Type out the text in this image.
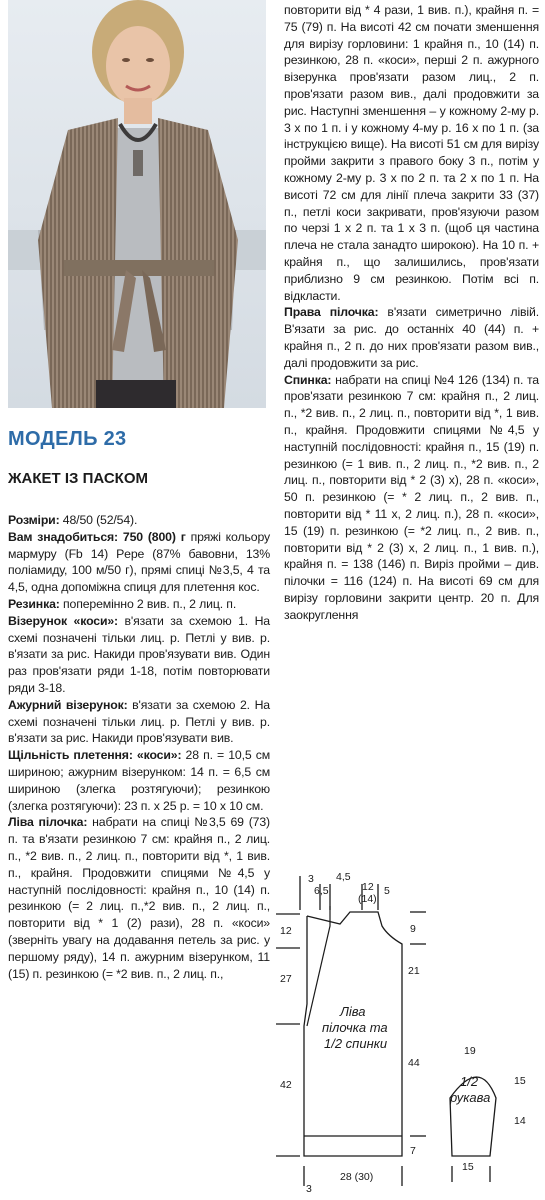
МОДЕЛЬ 23
ЖАКЕТ ІЗ ПАСКОМ

Розміри: 48/50 (52/54).

Вам знадобиться: 750 (800) г пряжі кольору мармуру (Fb 14) Pepe (87% бавовни, 13% поліамиду, 100 м/50 г), прямі спиці №3,5, 4 та 4,5, одна допоміжна спиця для плетення кос.

Резинка: поперемінно 2 вив. п., 2 лиц. п.

Візерунок «коси»: в'язати за схемою 1. На схемі позначені тільки лиц. р. Петлі у вив. р. в'язати за рис. Накиди пров'язувати вив. Один раз пров'язати ряди 1-18, потім повторювати ряди 3-18.

Ажурний візерунок: в'язати за схемою 2. На схемі позначені тільки лиц. р. Петлі у вив. р. в'язати за рис. Накиди пров'язувати вив.

Щільність плетення: «коси»: 28 п. = 10,5 см шириною; ажурним візерунком: 14 п. = 6,5 см шириною (злегка розтягуючи); резинкою (злегка розтягуючи): 23 п. х 25 р. = 10 х 10 см.

Ліва пілочка: набрати на спиці №3,5 69 (73) п. та в'язати резинкою 7 см: крайня п., 2 лиц. п., *2 вив. п., 2 лиц. п., повторити від *, 1 вив. п., крайня. Продовжити спицями №4,5 у наступній послідовності: крайня п., 10 (14) п. резинкою (= 2 лиц. п.,*2 вив. п., 2 лиц. п., повторити від * 1 (2) рази), 28 п. «коси» (зверніть увагу на додавання петель за рис. у першому ряду), 14 п. ажурним візерунком, 11 (15) п. резинкою (= *2 вив. п., 2 лиц. п.,

повторити від * 4 рази, 1 вив. п.), крайня п. = 75 (79) п. На висоті 42 см почати зменшення для вирізу горловини: 1 крайня п., 10 (14) п. резинкою, 28 п. «коси», перші 2 п. ажурного візерунка пров'язати разом лиц., 2 п. пров'язати разом вив., далі продовжити за рис. Наступні зменшення – у кожному 2-му р. 3 х по 1 п. і у кожному 4-му р. 16 х по 1 п. (за інструкцією вище). На висоті 51 см для вирізу пройми закрити з правого боку 3 п., потім у кожному 2-му р. 3 х по 2 п. та 2 х по 1 п. На висоті 72 см для лінії плеча закрити 33 (37) п., петлі коси закривати, пров'язуючи разом по черзі 1 х 2 п. та 1 х 3 п. (щоб ця частина плеча не стала занадто широкою). На 10 п. + крайня п., що залишились, пров'язати приблизно 9 см резинкою. Потім всі п. відкласти.

Права пілочка: в'язати симетрично лівій. В'язати за рис. до останніх 40 (44) п. + крайня п., 2 п. до них пров'язати разом вив., далі продовжити за рис.

Спинка: набрати на спиці №4 126 (134) п. та пров'язати резинкою 7 см: крайня п., 2 лиц. п., *2 вив. п., 2 лиц. п., повторити від *, 1 вив. п., крайня. Продовжити спицями №4,5 у наступній послідовності: крайня п., 15 (19) п. резинкою (= 1 вив. п., 2 лиц. п., *2 вив. п., 2 лиц. п., повторити від * 2 (3) х), 28 п. «коси», 50 п. резинкою (= * 2 лиц. п., 2 вив. п., повторити від * 11 х, 2 лиц. п.), 28 п. «коси», 15 (19) п. резинкою (= *2 лиц. п., 2 вив. п., повторити від * 2 (3) х, 2 лиц. п., 1 вив. п.), крайня п. = 138 (146) п. Виріз пройми – див. пілочки = 116 (124) п. На висоті 69 см для вирізу горловини закрити центр. 20 п. Для заокруглення

3
6,5
4,5
12
(14)
5
12
27
42
9
21
44
7
3
28 (30)
19
15
14
15
Ліва
пілочка та
1/2 спинки
1/2
рукава
